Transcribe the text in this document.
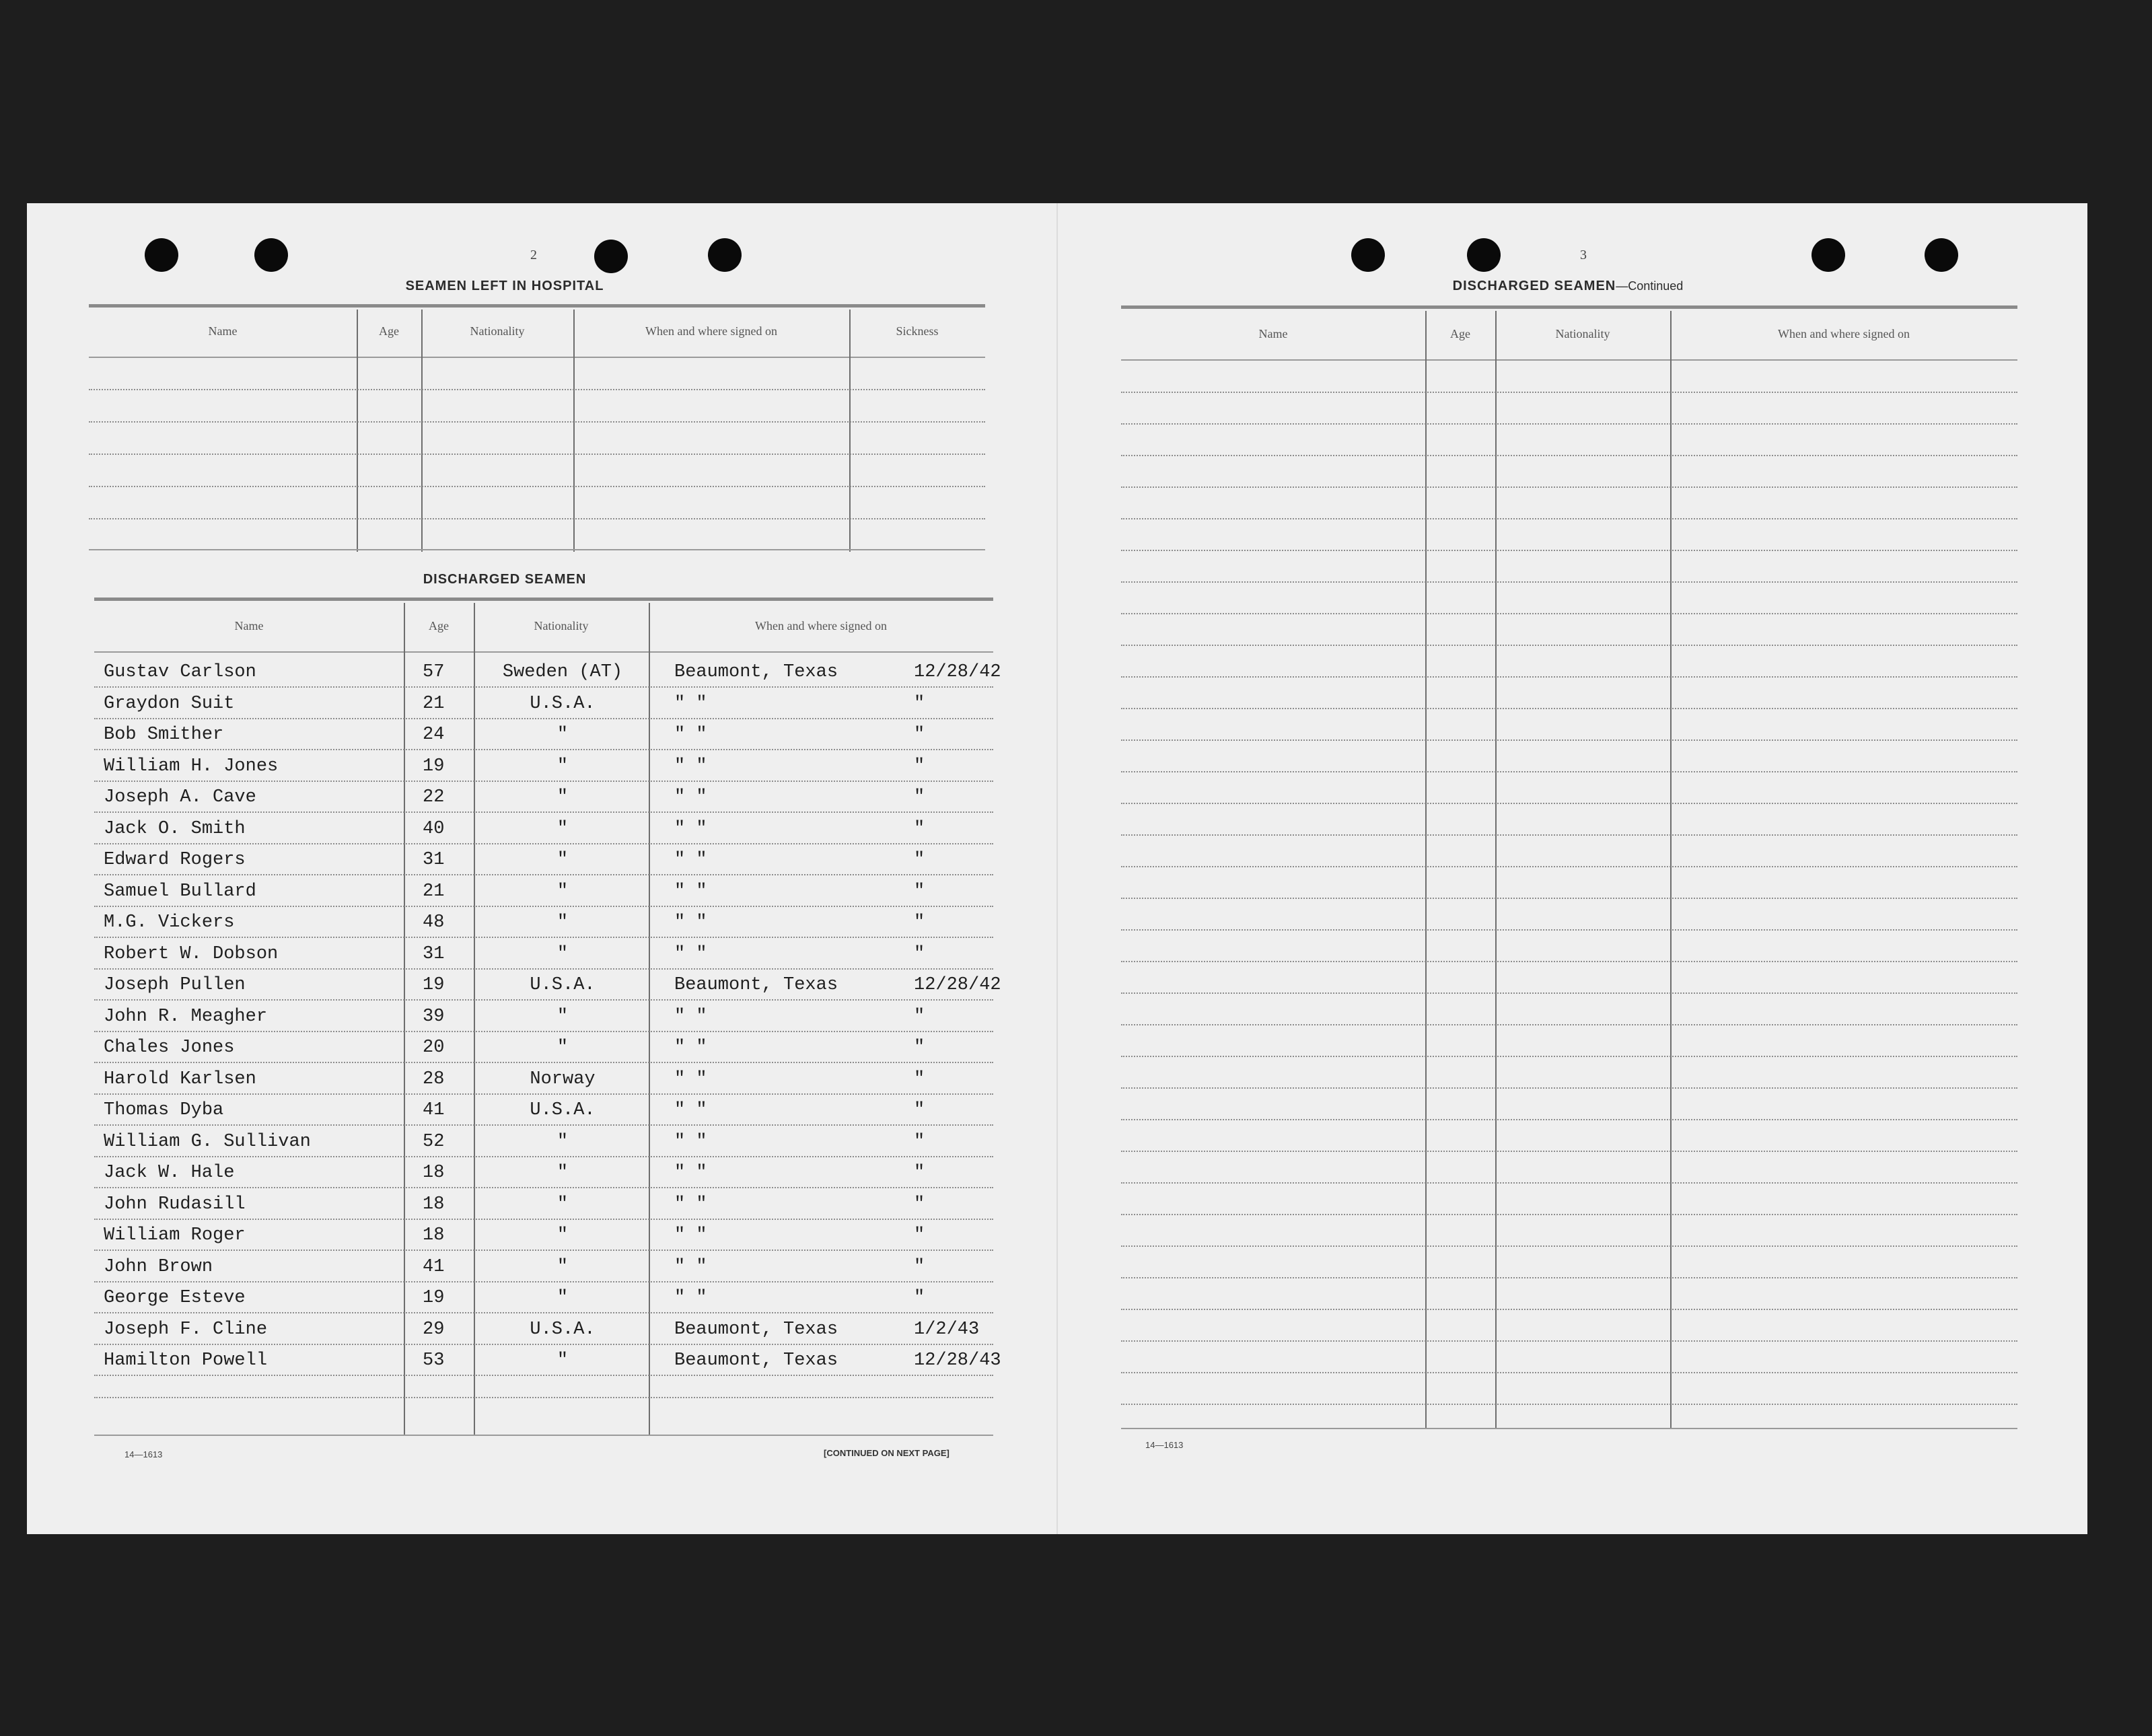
2
SEAMEN LEFT IN HOSPITAL
Name	Age	Nationality	When and where signed on	Sickness
DISCHARGED SEAMEN
Name	Age	Nationality	When and where signed on
Gustav Carlson	57	Sweden (AT)	Beaumont, Texas	12/28/42
Graydon Suit	21	U.S.A.	" "	"
Bob Smither	24	"	" "	"
William H. Jones	19	"	" "	"
Joseph A. Cave	22	"	" "	"
Jack O. Smith	40	"	" "	"
Edward Rogers	31	"	" "	"
Samuel Bullard	21	"	" "	"
M.G. Vickers	48	"	" "	"
Robert W. Dobson	31	"	" "	"
Joseph Pullen	19	U.S.A.	Beaumont, Texas	12/28/42
John R. Meagher	39	"	" "	"
Chales Jones	20	"	" "	"
Harold Karlsen	28	Norway	" "	"
Thomas Dyba	41	U.S.A.	" "	"
William G. Sullivan	52	"	" "	"
Jack W. Hale	18	"	" "	"
John Rudasill	18	"	" "	"
William Roger	18	"	" "	"
John Brown	41	"	" "	"
George Esteve	19	"	" "	"
Joseph F. Cline	29	U.S.A.	Beaumont, Texas	1/2/43
Hamilton Powell	53	"	Beaumont, Texas	12/28/43
14—1613	[CONTINUED ON NEXT PAGE]
3
DISCHARGED SEAMEN—Continued
Name	Age	Nationality	When and where signed on
14—1613
